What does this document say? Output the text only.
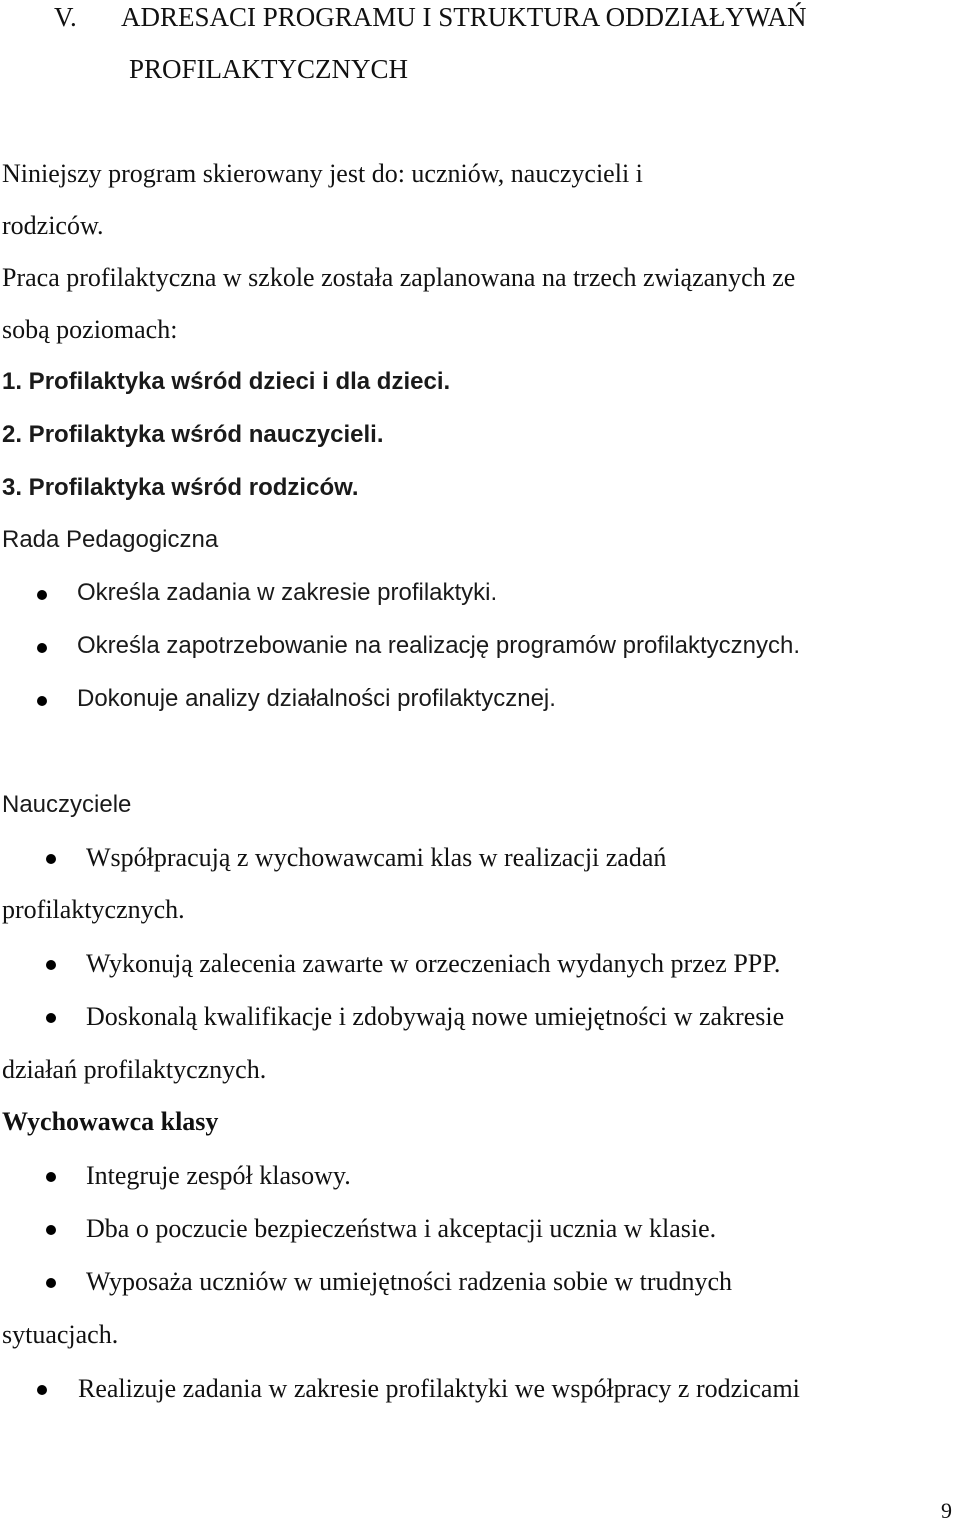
V. ADRESACI PROGRAMU I STRUKTURA ODDZIAŁYWAŃ
PROFILAKTYCZNYCH
Niniejszy program skierowany jest do: uczniów, nauczycieli i
rodziców.
Praca profilaktyczna w szkole została zaplanowana na trzech związanych ze
sobą poziomach:
1. Profilaktyka wśród dzieci i dla dzieci.
2. Profilaktyka wśród nauczycieli.
3. Profilaktyka wśród rodziców.
Rada Pedagogiczna
Określa zadania w zakresie profilaktyki.
Określa zapotrzebowanie na realizację programów profilaktycznych.
Dokonuje analizy działalności profilaktycznej.
Nauczyciele
Współpracują z wychowawcami klas w realizacji zadań
profilaktycznych.
Wykonują zalecenia zawarte w orzeczeniach wydanych przez PPP.
Doskonalą kwalifikacje i zdobywają nowe umiejętności w zakresie
działań profilaktycznych.
Wychowawca klasy
Integruje zespół klasowy.
Dba o poczucie bezpieczeństwa i akceptacji ucznia w klasie.
Wyposaża uczniów w umiejętności radzenia sobie w trudnych
sytuacjach.
Realizuje zadania w zakresie profilaktyki we współpracy z rodzicami
9
